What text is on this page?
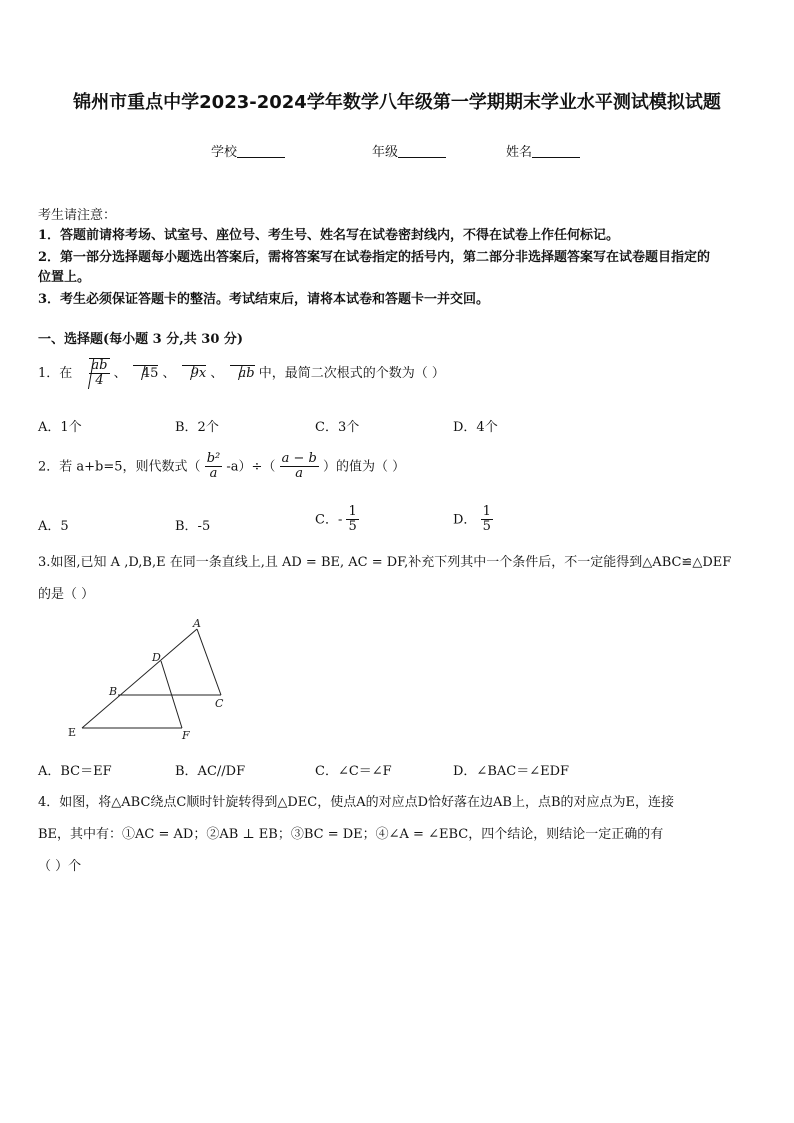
锦州市重点中学2023-2024学年数学八年级第一学期期末学业水平测试模拟试题
学校	年级	姓名
考生请注意：
1．答题前请将考场、试室号、座位号、考生号、姓名写在试卷密封线内，不得在试卷上作任何标记。
2．第一部分选择题每小题选出答案后，需将答案写在试卷指定的括号内，第二部分非选择题答案写在试卷题目指定的
位置上。
3．考生必须保证答题卡的整洁。考试结束后，请将本试卷和答题卡一并交回。
一、选择题(每小题 3 分,共 30 分)
1．在 $\frac{ab}{4}$ 、 45 、 9x 、 ab 中，最简二次根式的个数为（ ）
A．1个	B．2个	C．3个	D．4个
2．若 a+b=5，则代数式（ $\frac{\text{b²}}{a} -a)\div( \frac{a - b}{a}$ ）的值为（ ）
A．5	B．-5	C．- $\frac{1}{5}$	D． $\frac{1}{5}$
3.如图,已知 A ,D,B,E 在同一条直线上,且 AD = BE, AC = DF,补充下列其中一个条件后，不一定能得到△ABC≌△DEF
的是（ ）
A
D
B
C
E	F
A．BC＝EF	B．AC//DF	C．∠C＝∠F	D．∠BAC＝∠EDF
4．如图，将△ABC绕点C顺时针旋转得到△DEC，使点A的对应点D恰好落在边AB上，点B的对应点为E，连接
BE，其中有：①AC = AD；②AB ⊥ EB；③BC = DE；④∠A = ∠EBC，四个结论，则结论一定正确的有
（ ）个
